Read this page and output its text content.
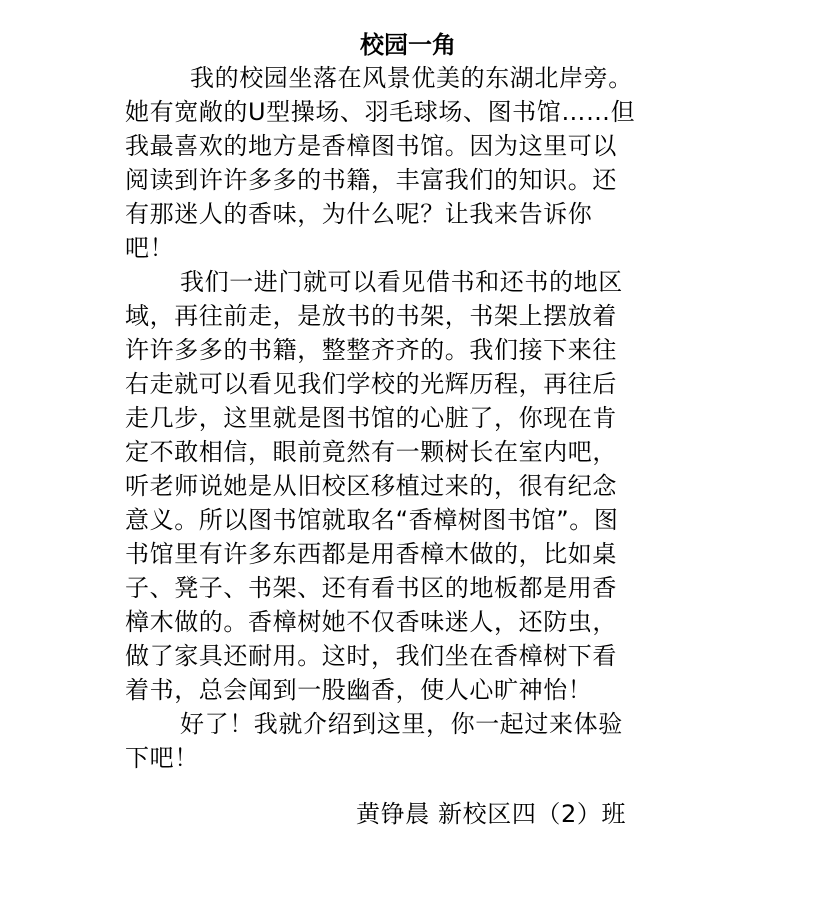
校园一角
我的校园坐落在风景优美的东湖北岸旁。
她有宽敞的U型操场、羽毛球场、图书馆……但
我最喜欢的地方是香樟图书馆。因为这里可以
阅读到许许多多的书籍，丰富我们的知识。还
有那迷人的香味，为什么呢？让我来告诉你
吧！
我们一进门就可以看见借书和还书的地区
域，再往前走，是放书的书架，书架上摆放着
许许多多的书籍，整整齐齐的。我们接下来往
右走就可以看见我们学校的光辉历程，再往后
走几步，这里就是图书馆的心脏了，你现在肯
定不敢相信，眼前竟然有一颗树长在室内吧，
听老师说她是从旧校区移植过来的，很有纪念
意义。所以图书馆就取名“香樟树图书馆”。图
书馆里有许多东西都是用香樟木做的，比如桌
子、凳子、书架、还有看书区的地板都是用香
樟木做的。香樟树她不仅香味迷人，还防虫，
做了家具还耐用。这时，我们坐在香樟树下看
着书，总会闻到一股幽香，使人心旷神怡！
好了！我就介绍到这里，你一起过来体验
下吧！
黄铮晨 新校区四（2）班
